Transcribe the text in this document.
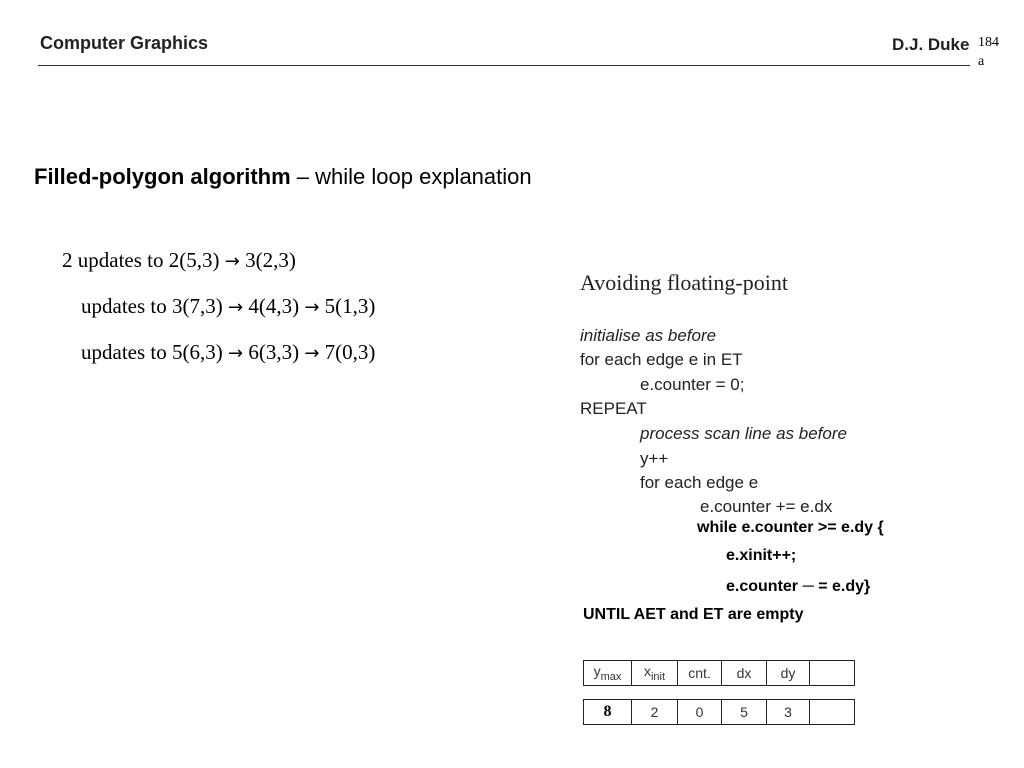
Computer Graphics	D.J. Duke 184
a
Filled-polygon algorithm – while loop explanation
2 updates to 2(5,3) → 3(2,3)
updates to 3(7,3) → 4(4,3) → 5(1,3)
updates to 5(6,3) → 6(3,3) → 7(0,3)
Avoiding floating-point
initialise as before
for each edge e in ET
e.counter = 0;
REPEAT
process scan line as before
y++
for each edge e
e.counter += e.dx
while e.counter >= e.dy {
e.xinit++;
e.counter ─ = e.dy}
UNTIL AET and ET are empty
$y_{max}$	$x_{init}$	cnt.	dx	dy	
8	2	0	5	3	
